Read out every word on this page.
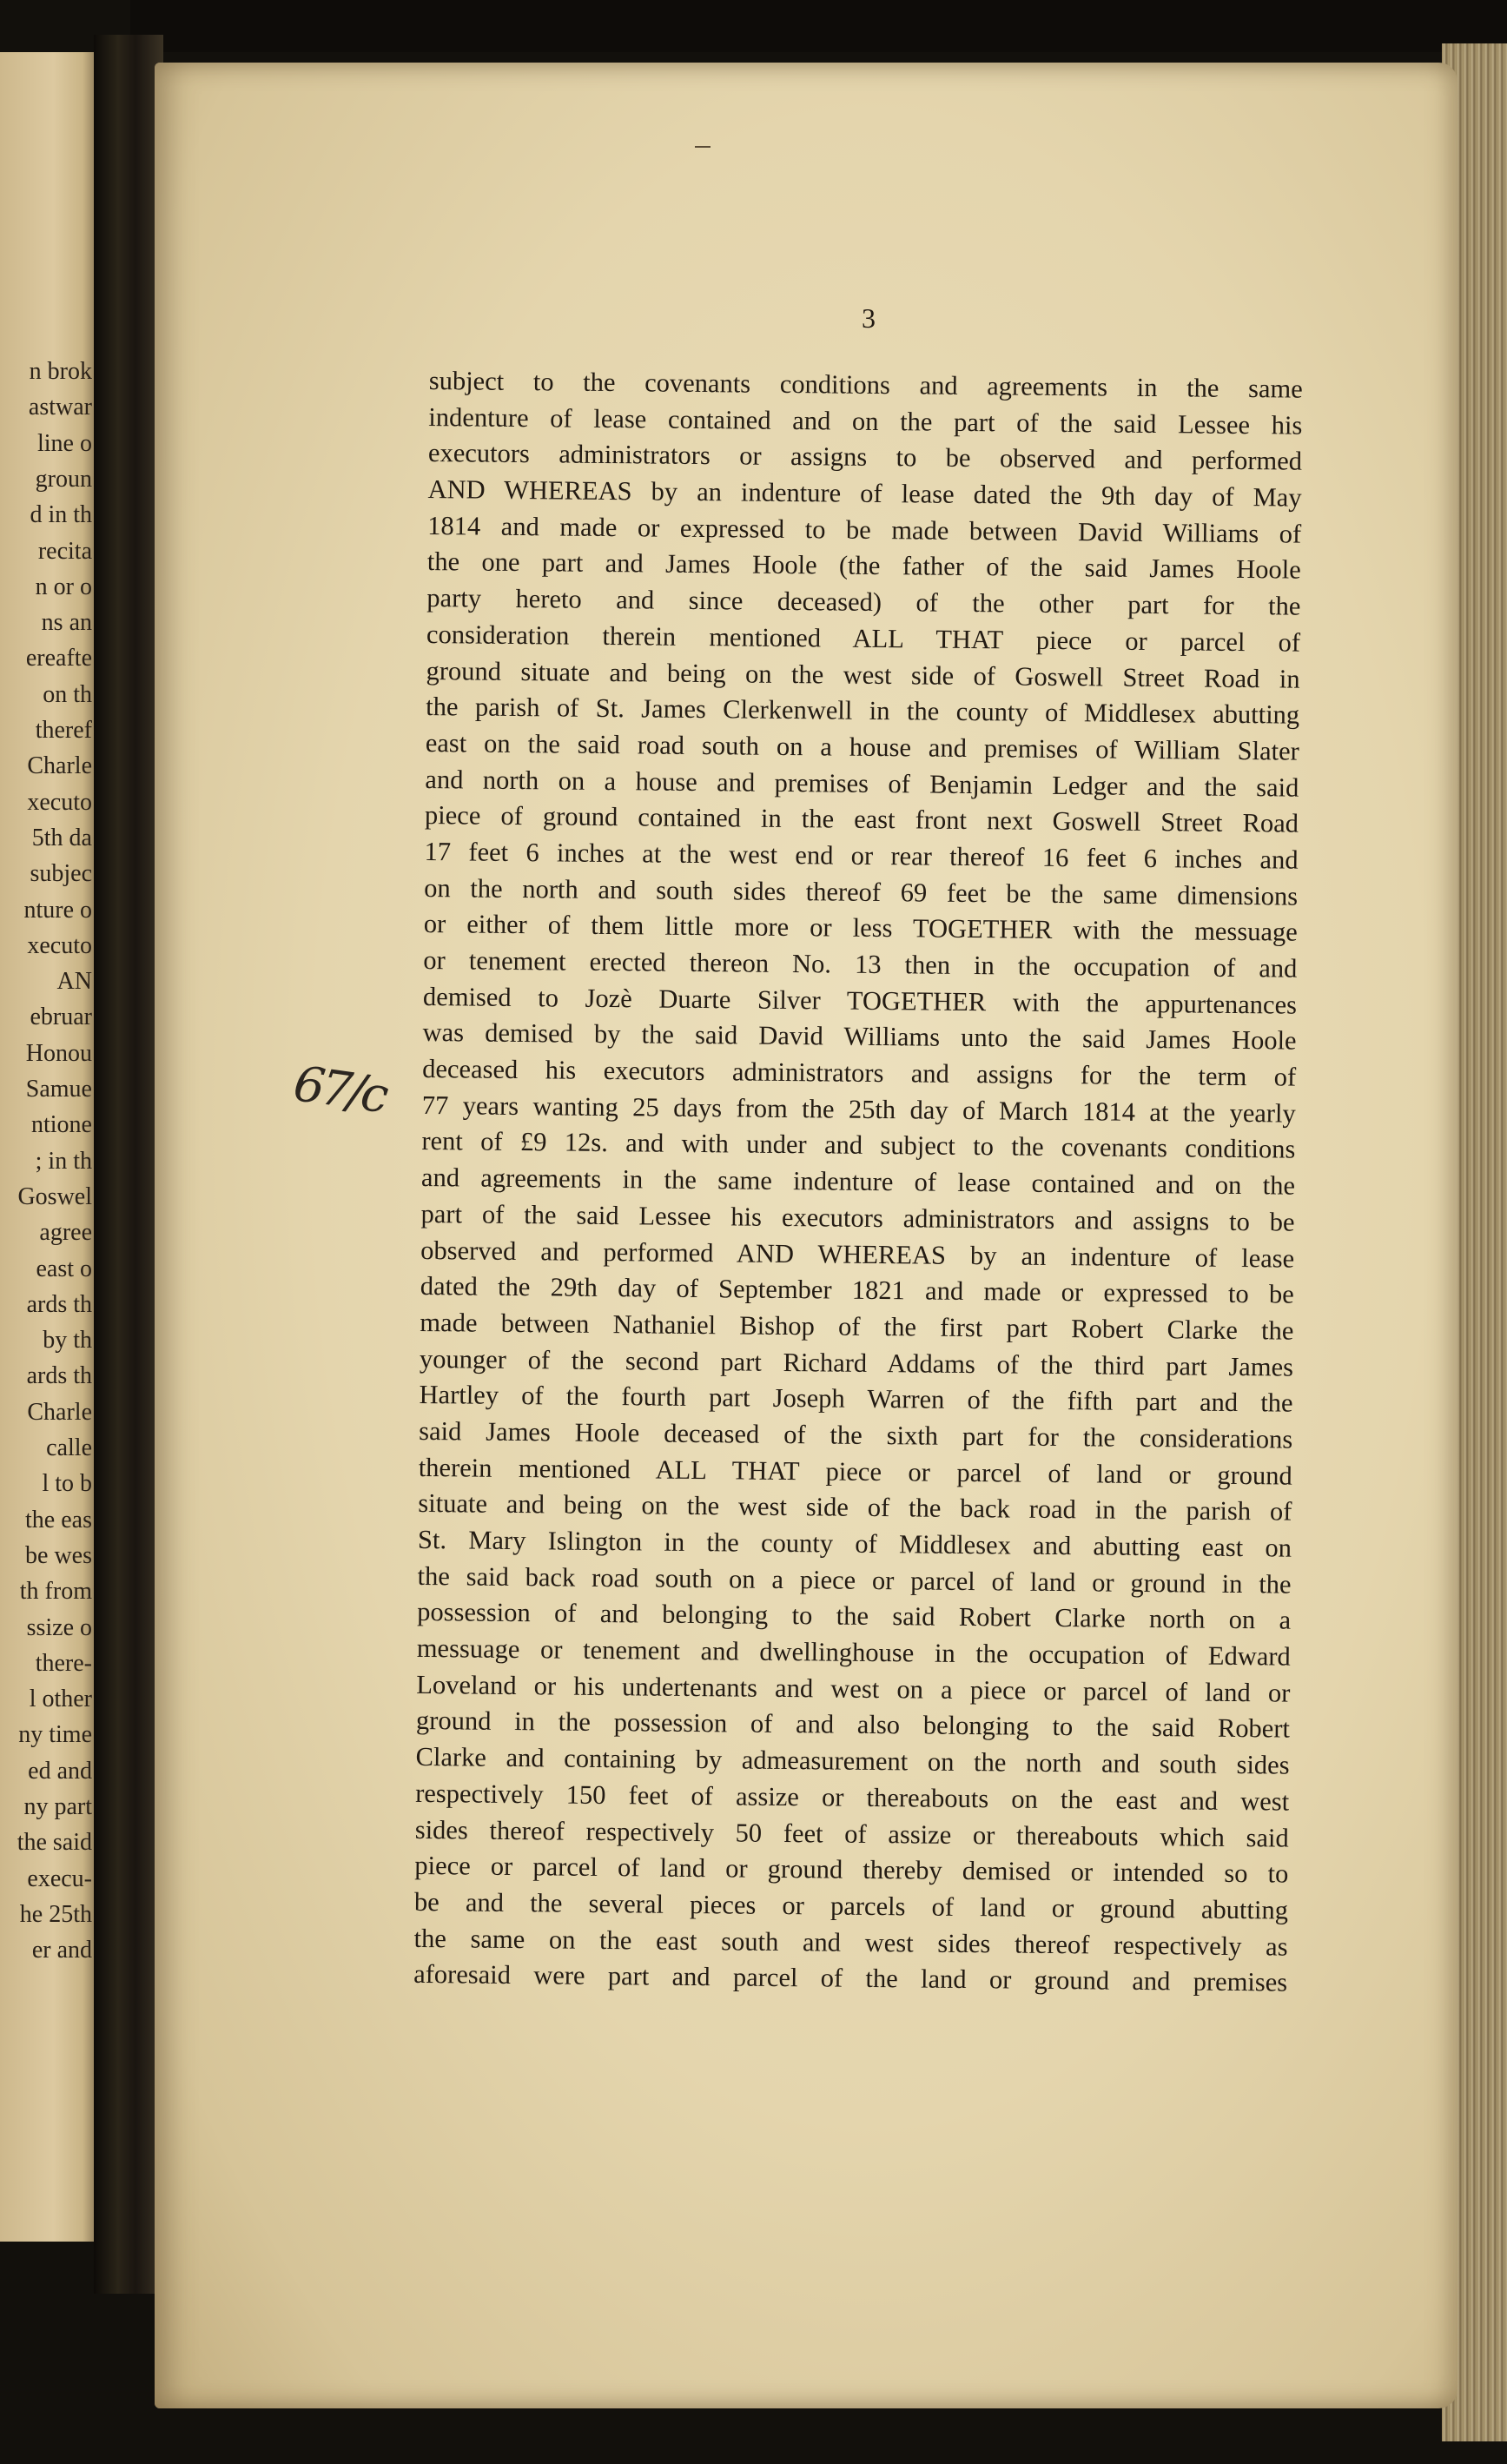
n brok
astwar
line o
groun
d in th
recita
n or o
ns an
ereafte
on th
theref
Charle
xecuto
5th da
subjec
nture o
xecuto
AN
ebruar
Honou
Samue
ntione
; in th
Goswel
agree
east o
ards th
by th
ards th
Charle
calle
l to b
the eas
be wes
th from
ssize o
there-
l other
ny time
ed and
ny part
the said
execu-
he 25th
er and
3
67/c
subject to the covenants conditions and agreements in the same
indenture of lease contained and on the part of the said Lessee his
executors administrators or assigns to be observed and performed
AND WHEREAS by an indenture of lease dated the 9th day of May
1814 and made or expressed to be made between David Williams of
the one part and James Hoole (the father of the said James Hoole
party hereto and since deceased) of the other part for the
consideration therein mentioned ALL THAT piece or parcel of
ground situate and being on the west side of Goswell Street Road in
the parish of St. James Clerkenwell in the county of Middlesex abutting
east on the said road south on a house and premises of William Slater
and north on a house and premises of Benjamin Ledger and the said
piece of ground contained in the east front next Goswell Street Road
17 feet 6 inches at the west end or rear thereof 16 feet 6 inches and
on the north and south sides thereof 69 feet be the same dimensions
or either of them little more or less TOGETHER with the messuage
or tenement erected thereon No. 13 then in the occupation of and
demised to Jozè Duarte Silver TOGETHER with the appurtenances
was demised by the said David Williams unto the said James Hoole
deceased his executors administrators and assigns for the term of
77 years wanting 25 days from the 25th day of March 1814 at the yearly
rent of £9 12s. and with under and subject to the covenants conditions
and agreements in the same indenture of lease contained and on the
part of the said Lessee his executors administrators and assigns to be
observed and performed AND WHEREAS by an indenture of lease
dated the 29th day of September 1821 and made or expressed to be
made between Nathaniel Bishop of the first part Robert Clarke the
younger of the second part Richard Addams of the third part James
Hartley of the fourth part Joseph Warren of the fifth part and the
said James Hoole deceased of the sixth part for the considerations
therein mentioned ALL THAT piece or parcel of land or ground
situate and being on the west side of the back road in the parish of
St. Mary Islington in the county of Middlesex and abutting east on
the said back road south on a piece or parcel of land or ground in the
possession of and belonging to the said Robert Clarke north on a
messuage or tenement and dwellinghouse in the occupation of Edward
Loveland or his undertenants and west on a piece or parcel of land or
ground in the possession of and also belonging to the said Robert
Clarke and containing by admeasurement on the north and south sides
respectively 150 feet of assize or thereabouts on the east and west
sides thereof respectively 50 feet of assize or thereabouts which said
piece or parcel of land or ground thereby demised or intended so to
be and the several pieces or parcels of land or ground abutting
the same on the east south and west sides thereof respectively as
aforesaid were part and parcel of the land or ground and premises
